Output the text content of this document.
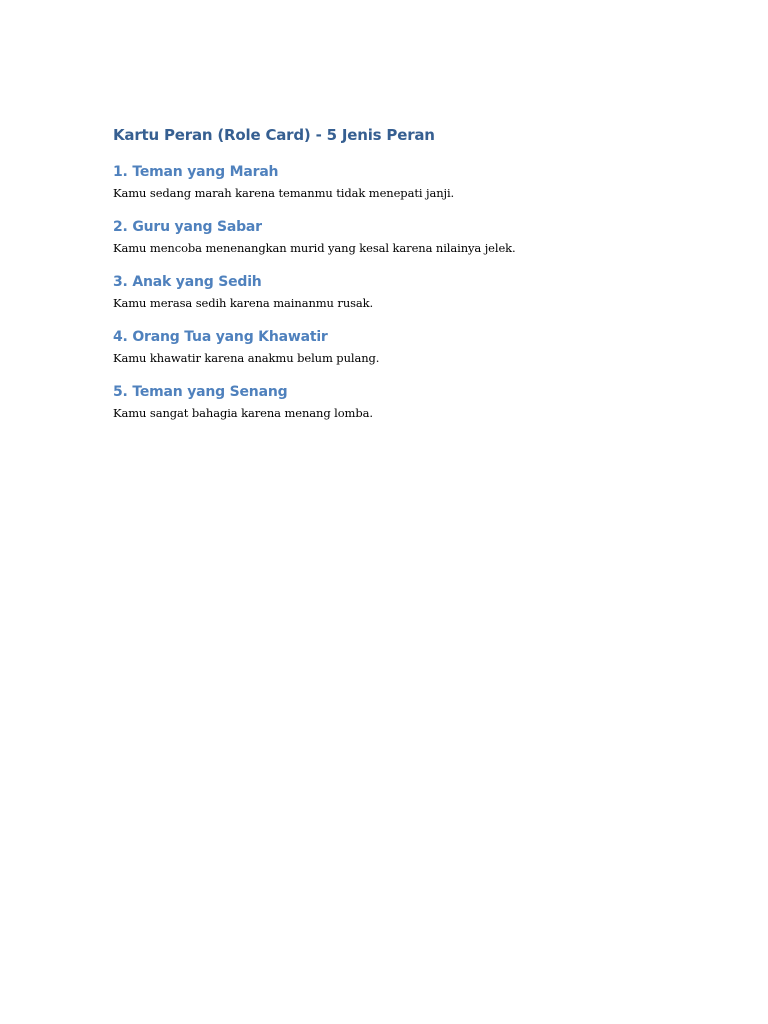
Kartu Peran (Role Card) - 5 Jenis Peran
1. Teman yang Marah

Kamu sedang marah karena temanmu tidak menepati janji.

2. Guru yang Sabar

Kamu mencoba menenangkan murid yang kesal karena nilainya jelek.

3. Anak yang Sedih

Kamu merasa sedih karena mainanmu rusak.

4. Orang Tua yang Khawatir

Kamu khawatir karena anakmu belum pulang.

5. Teman yang Senang

Kamu sangat bahagia karena menang lomba.
